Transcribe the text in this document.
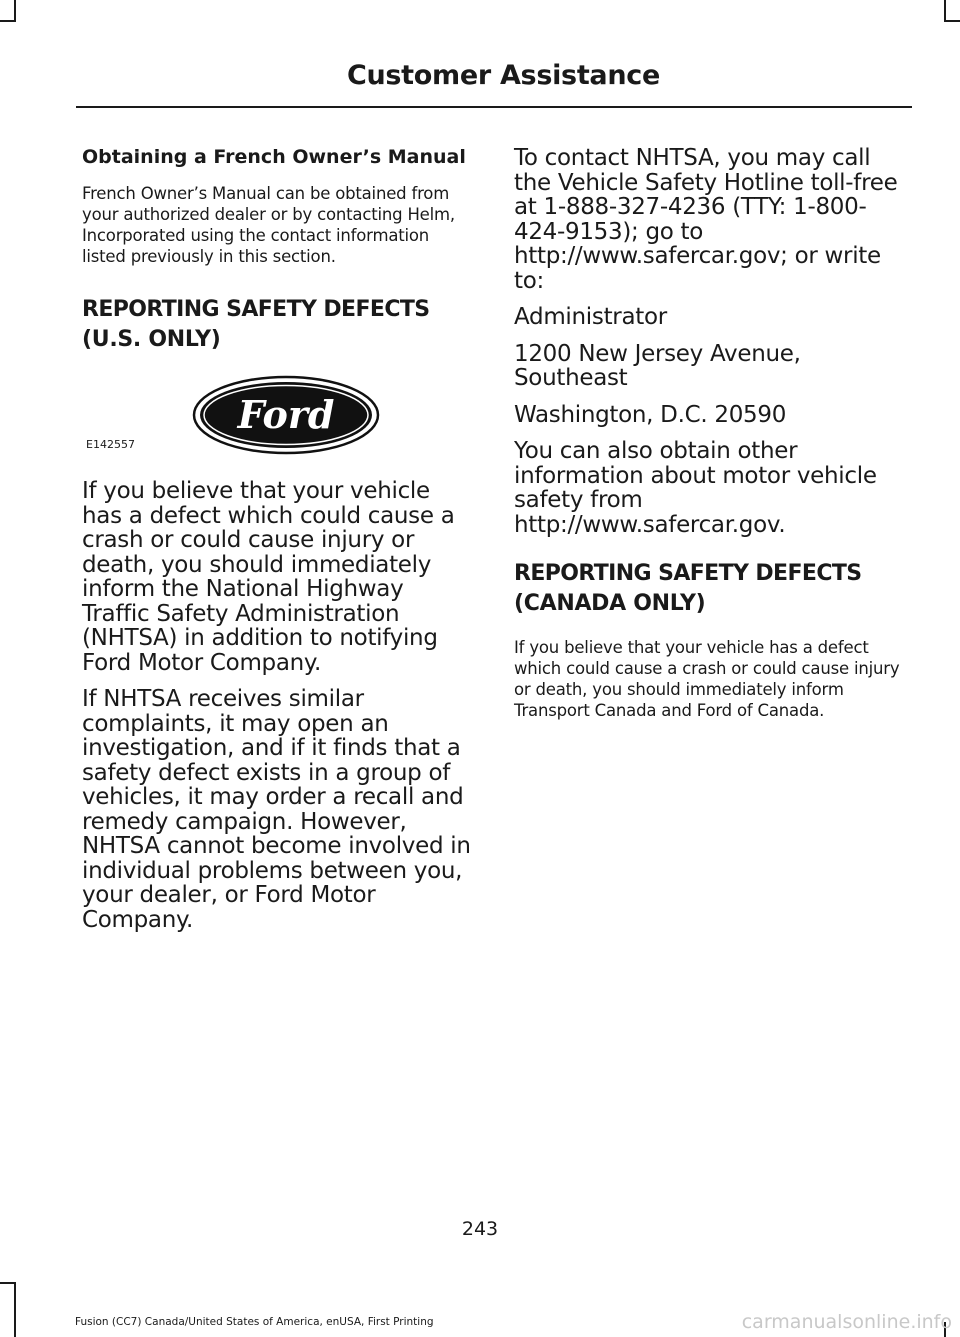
Customer Assistance

Obtaining a French Owner’s Manual

French Owner’s Manual can be obtained from your authorized dealer or by contacting Helm, Incorporated using the contact information listed previously in this section.

REPORTING SAFETY DEFECTS
(U.S. ONLY)
E142557
Ford

If you believe that your vehicle has a defect which could cause a crash or could cause injury or death, you should immediately inform the National Highway Traffic Safety Administration (NHTSA) in addition to notifying Ford Motor Company.

If NHTSA receives similar complaints, it may open an investigation, and if it finds that a safety defect exists in a group of vehicles, it may order a recall and remedy campaign. However, NHTSA cannot become involved in individual problems between you, your dealer, or Ford Motor Company.

To contact NHTSA, you may call the Vehicle Safety Hotline toll-free at 1-888-327-4236 (TTY: 1-800-424-9153); go to http://www.safercar.gov; or write to:

Administrator

1200 New Jersey Avenue, Southeast

Washington, D.C. 20590

You can also obtain other information about motor vehicle safety from http://www.safercar.gov.

REPORTING SAFETY DEFECTS
(CANADA ONLY)

If you believe that your vehicle has a defect which could cause a crash or could cause injury or death, you should immediately inform Transport Canada and Ford of Canada.

243
Fusion (CC7) Canada/United States of America, enUSA, First Printing	carmanualsonline.info
